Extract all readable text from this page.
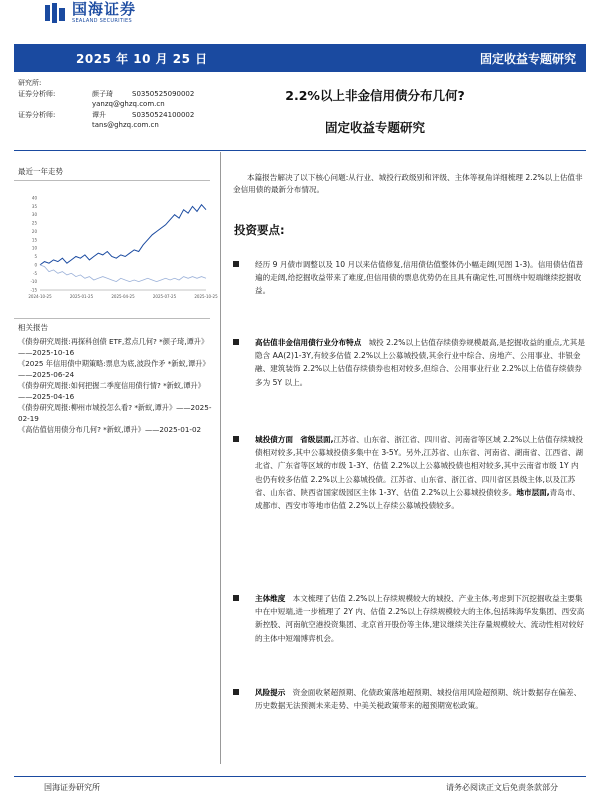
国海证券
SEALAND SECURITIES
2025 年 10 月 25 日	固定收益专题研究
研究所:
证券分析师:	颜子琦	S0350525090002
yanzq@ghzq.com.cn
证券分析师:	谭升	S0350524100002
tans@ghzq.com.cn
2.2%以上非金信用债分布几何?
固定收益专题研究
最近一年走势
40
35
30
25
20
15
10
5
0
-5
-10
-15
2024-10-25	2025-01-25	2025-04-25	2025-07-25	2025-10-25
相关报告
《债券研究周报:再探科创债 ETF,惹点几何? *颜子琦,谭升》——2025-10-16
《2025 年信用债中期策略:票息为底,波段作矛 *新蚁,谭升》——2025-06-24
《债券研究周报:如何把握二季度信用债行情? *新蚁,谭升》——2025-04-16
《债券研究周报:柳州市城投怎么看? *新蚁,谭升》——2025-02-19
《高估值信用债分布几何? *新蚁,谭升》——2025-01-02
本篇报告解决了以下核心问题:从行业、城投行政级别和评级、主体等视角详细梳理 2.2%以上估值非金信用债的最新分布情况。
投资要点:
经历 9 月债市调整以及 10 月以来估值修复,信用债估值整体仍小幅走阔(见图 1-3)。信用债估值普遍的走阔,给挖掘收益带来了难度,但信用债的票息优势仍在且具有确定性,可围绕中短端继续挖掘收益。
高估值非金信用债行业分布特点 城投 2.2%以上估值存续债券规模最高,是挖掘收益的重点,尤其是隐含 AA(2)1-3Y,有较多估值 2.2%以上公募城投债,其余行业中综合、房地产、公用事业、非银金融、建筑装饰 2.2%以上估值存续债券也相对较多,但综合、公用事业行业 2.2%以上估值存续债券多为 5Y 以上。
城投债方面 省级层面,江苏省、山东省、浙江省、四川省、河南省等区域 2.2%以上估值存续城投债相对较多,其中公募城投债多集中在 3-5Y。另外,江苏省、山东省、河南省、湖南省、江西省、湖北省、广东省等区域的市级 1-3Y、估值 2.2%以上公募城投债也相对较多,其中云南省市级 1Y 内也仍有较多估值 2.2%以上公募城投债。江苏省、山东省、浙江省、四川省区县级主体,以及江苏省、山东省、陕西省国家级园区主体 1-3Y、估值 2.2%以上公募城投债较多。地市层面,青岛市、成都市、西安市等地市估值 2.2%以上存续公募城投债较多。
主体维度 本文梳理了估值 2.2%以上存续规模较大的城投、产业主体,考虑到下沉挖掘收益主要集中在中短端,进一步梳理了 2Y 内、估值 2.2%以上存续规模较大的主体,包括珠海华发集团、西安高新控股、河南航空港投资集团、北京首开股份等主体,建议继续关注存量规模较大、流动性相对较好的主体中短端博弈机会。
风险提示 资金面收紧超预期、化债政策落地超预期、城投信用风险超预期、统计数据存在偏差、历史数据无法预测未来走势、中美关税政策带来的超预期宽松政策。
国海证券研究所	请务必阅读正文后免责条款部分
